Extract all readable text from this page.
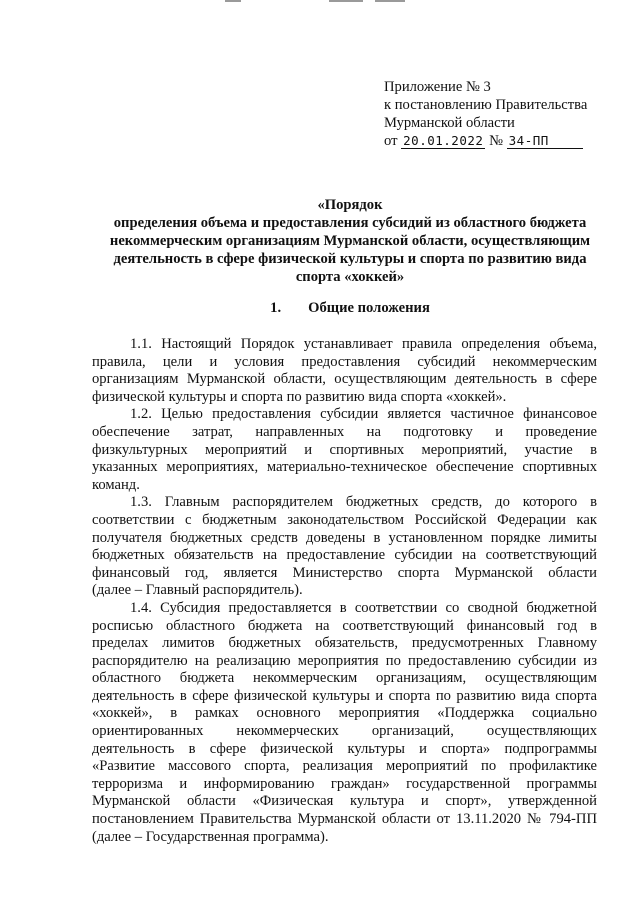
Приложение № 3
к постановлению Правительства
Мурманской области
от 20.01.2022 № 34-ПП
«Порядок
определения объема и предоставления субсидий из областного бюджета
некоммерческим организациям Мурманской области, осуществляющим
деятельность в сфере физической культуры и спорта по развитию вида
спорта «хоккей»
1. Общие положения
1.1. Настоящий Порядок устанавливает правила определения объема,
правила, цели и условия предоставления субсидий некоммерческим
организациям Мурманской области, осуществляющим деятельность в сфере
физической культуры и спорта по развитию вида спорта «хоккей».
1.2. Целью предоставления субсидии является частичное финансовое
обеспечение затрат, направленных на подготовку и проведение
физкультурных мероприятий и спортивных мероприятий, участие в
указанных мероприятиях, материально-техническое обеспечение спортивных
команд.
1.3. Главным распорядителем бюджетных средств, до которого в
соответствии с бюджетным законодательством Российской Федерации как
получателя бюджетных средств доведены в установленном порядке лимиты
бюджетных обязательств на предоставление субсидии на соответствующий
финансовый год, является Министерство спорта Мурманской области
(далее – Главный распорядитель).
1.4. Субсидия предоставляется в соответствии со сводной бюджетной
росписью областного бюджета на соответствующий финансовый год в
пределах лимитов бюджетных обязательств, предусмотренных Главному
распорядителю на реализацию мероприятия по предоставлению субсидии из
областного бюджета некоммерческим организациям, осуществляющим
деятельность в сфере физической культуры и спорта по развитию вида спорта
«хоккей», в рамках основного мероприятия «Поддержка социально
ориентированных некоммерческих организаций, осуществляющих
деятельность в сфере физической культуры и спорта» подпрограммы
«Развитие массового спорта, реализация мероприятий по профилактике
терроризма и информированию граждан» государственной программы
Мурманской области «Физическая культура и спорт», утвержденной
постановлением Правительства Мурманской области от 13.11.2020 № 794-ПП
(далее – Государственная программа).
